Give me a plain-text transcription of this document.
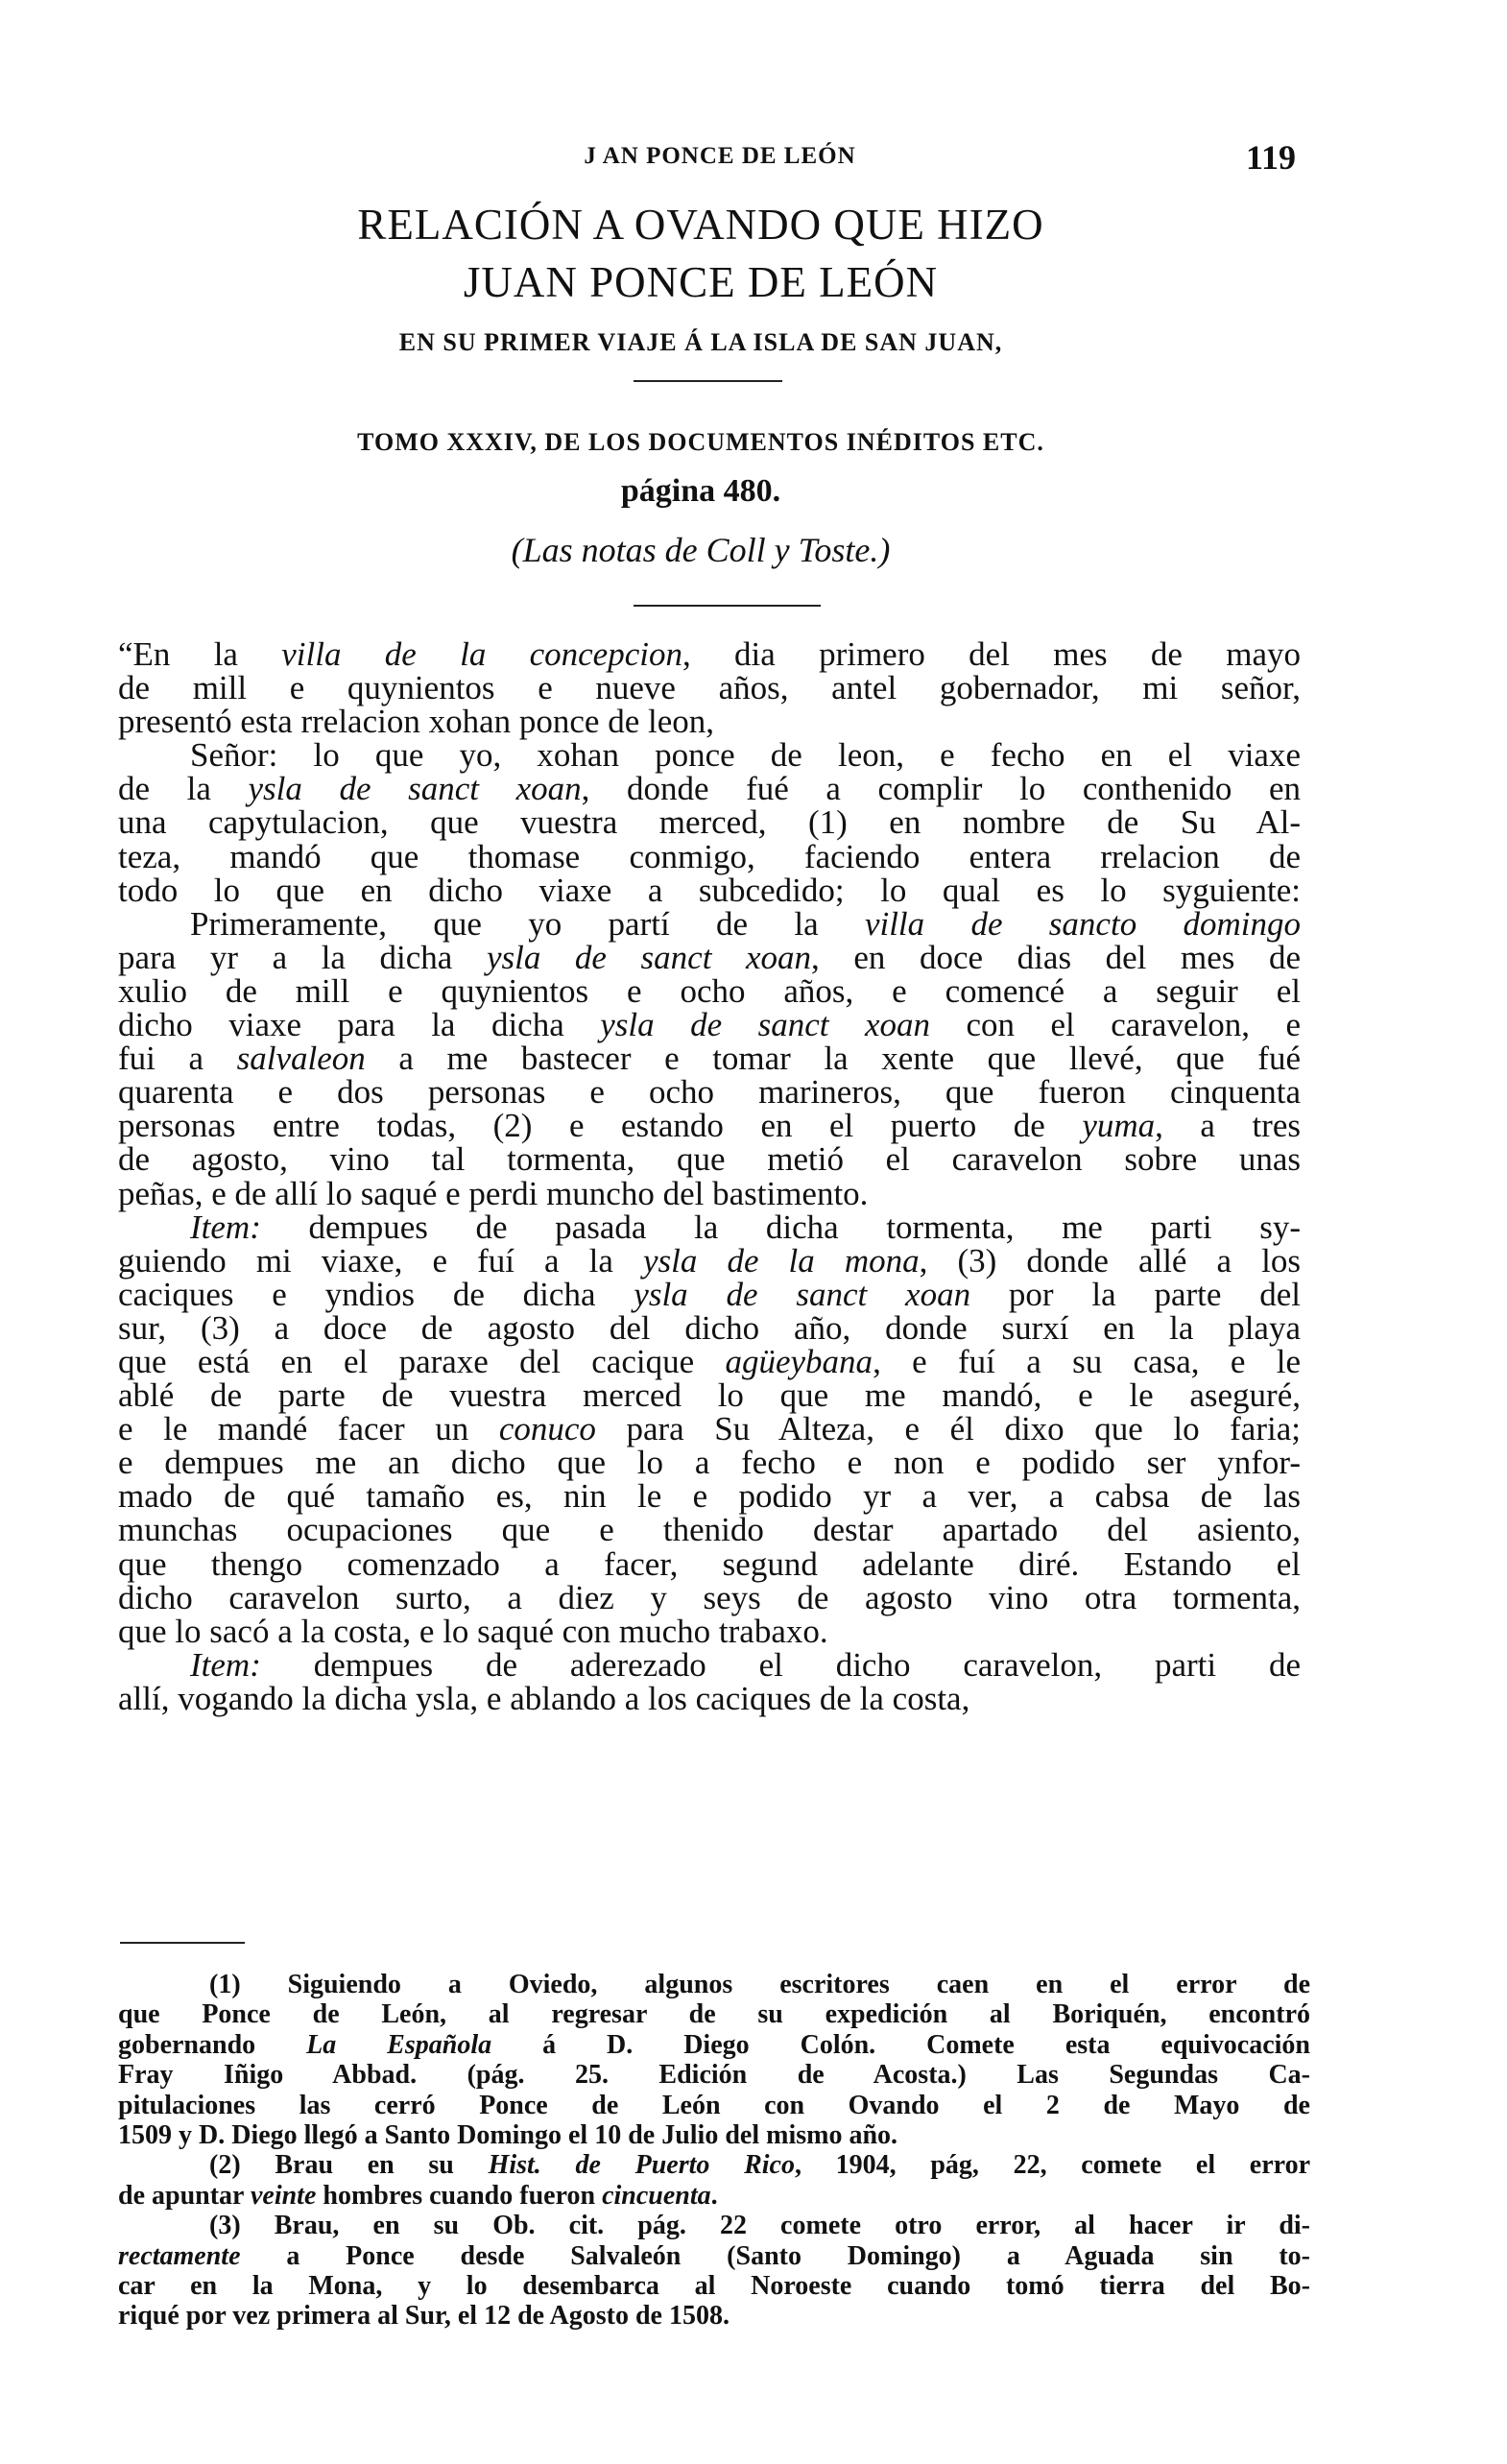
J AN PONCE DE LEÓN	119
RELACIÓN A OVANDO QUE HIZO
JUAN PONCE DE LEÓN
EN SU PRIMER VIAJE Á LA ISLA DE SAN JUAN,
TOMO XXXIV, DE LOS DOCUMENTOS INÉDITOS ETC.
página 480.
(Las notas de Coll y Toste.)
“En la villa de la concepcion, dia primero del mes de mayo
de mill e quynientos e nueve años, antel gobernador, mi señor,
presentó esta rrelacion xohan ponce de leon,
Señor: lo que yo, xohan ponce de leon, e fecho en el viaxe
de la ysla de sanct xoan, donde fué a complir lo conthenido en
una capytulacion, que vuestra merced, (1) en nombre de Su Al-
teza, mandó que thomase conmigo, faciendo entera rrelacion de
todo lo que en dicho viaxe a subcedido; lo qual es lo syguiente:
Primeramente, que yo partí de la villa de sancto domingo
para yr a la dicha ysla de sanct xoan, en doce dias del mes de
xulio de mill e quynientos e ocho años, e comencé a seguir el
dicho viaxe para la dicha ysla de sanct xoan con el caravelon, e
fui a salvaleon a me bastecer e tomar la xente que llevé, que fué
quarenta e dos personas e ocho marineros, que fueron cinquenta
personas entre todas, (2) e estando en el puerto de yuma, a tres
de agosto, vino tal tormenta, que metió el caravelon sobre unas
peñas, e de allí lo saqué e perdi muncho del bastimento.
Item: dempues de pasada la dicha tormenta, me parti sy-
guiendo mi viaxe, e fuí a la ysla de la mona, (3) donde allé a los
caciques e yndios de dicha ysla de sanct xoan por la parte del
sur, (3) a doce de agosto del dicho año, donde surxí en la playa
que está en el paraxe del cacique agüeybana, e fuí a su casa, e le
ablé de parte de vuestra merced lo que me mandó, e le aseguré,
e le mandé facer un conuco para Su Alteza, e él dixo que lo faria;
e dempues me an dicho que lo a fecho e non e podido ser ynfor-
mado de qué tamaño es, nin le e podido yr a ver, a cabsa de las
munchas ocupaciones que e thenido destar apartado del asiento,
que thengo comenzado a facer, segund adelante diré. Estando el
dicho caravelon surto, a diez y seys de agosto vino otra tormenta,
que lo sacó a la costa, e lo saqué con mucho trabaxo.
Item: dempues de aderezado el dicho caravelon, parti de
allí, vogando la dicha ysla, e ablando a los caciques de la costa,
(1) Siguiendo a Oviedo, algunos escritores caen en el error de
que Ponce de León, al regresar de su expedición al Boriquén, encontró
gobernando La Española á D. Diego Colón. Comete esta equivocación
Fray Iñigo Abbad. (pág. 25. Edición de Acosta.) Las Segundas Ca-
pitulaciones las cerró Ponce de León con Ovando el 2 de Mayo de
1509 y D. Diego llegó a Santo Domingo el 10 de Julio del mismo año.
(2) Brau en su Hist. de Puerto Rico, 1904, pág, 22, comete el error
de apuntar veinte hombres cuando fueron cincuenta.
(3) Brau, en su Ob. cit. pág. 22 comete otro error, al hacer ir di-
rectamente a Ponce desde Salvaleón (Santo Domingo) a Aguada sin to-
car en la Mona, y lo desembarca al Noroeste cuando tomó tierra del Bo-
riqué por vez primera al Sur, el 12 de Agosto de 1508.
